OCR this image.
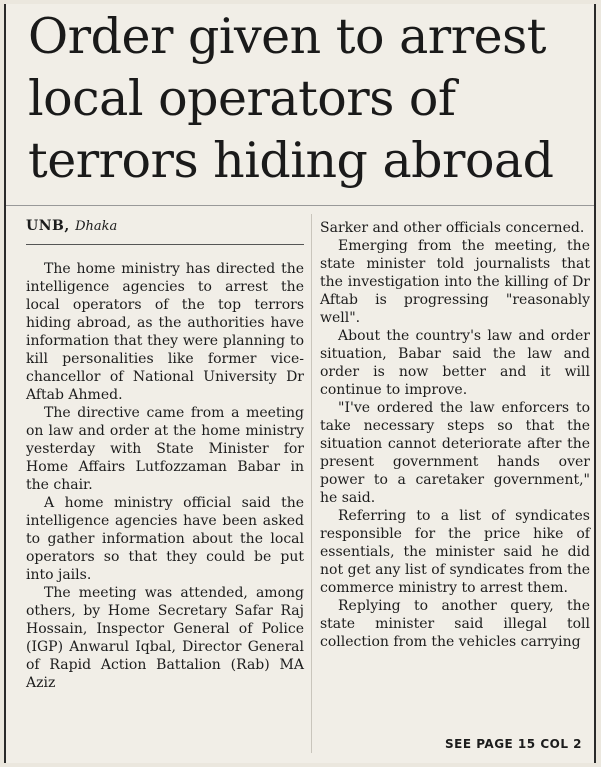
Order given to arrest local operators of terrors hiding abroad
UNB, Dhaka

The home ministry has directed the intelligence agencies to arrest the local operators of the top terrors hiding abroad, as the authorities have information that they were planning to kill personalities like former vice-chancellor of National University Dr Aftab Ahmed.

The directive came from a meeting on law and order at the home ministry yesterday with State Minister for Home Affairs Lutfozzaman Babar in the chair.

A home ministry official said the intelligence agencies have been asked to gather information about the local operators so that they could be put into jails.

The meeting was attended, among others, by Home Secretary Safar Raj Hossain, Inspector General of Police (IGP) Anwarul Iqbal, Director General of Rapid Action Battalion (Rab) MA Aziz

Sarker and other officials concerned.

Emerging from the meeting, the state minister told journalists that the investigation into the killing of Dr Aftab is progressing "reasonably well".

About the country's law and order situation, Babar said the law and order is now better and it will continue to improve.

"I've ordered the law enforcers to take necessary steps so that the situation cannot deteriorate after the present government hands over power to a caretaker government," he said.

Referring to a list of syndicates responsible for the price hike of essentials, the minister said he did not get any list of syndicates from the commerce ministry to arrest them.

Replying to another query, the state minister said illegal toll collection from the vehicles carrying

SEE PAGE 15 COL 2
